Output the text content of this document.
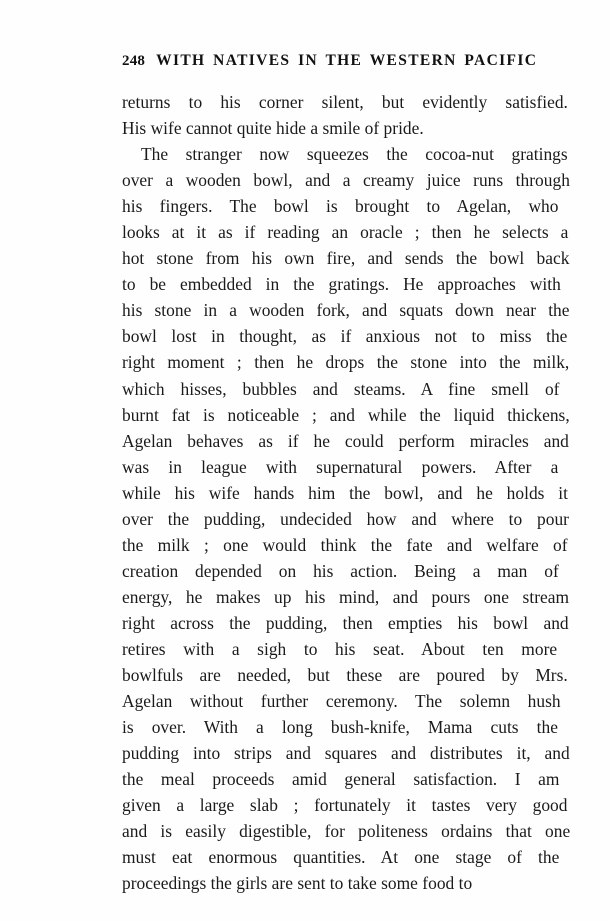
248 WITH NATIVES IN THE WESTERN PACIFIC

returns to his corner silent, but evidently satisfied.
His wife cannot quite hide a smile of pride.

The stranger now squeezes the cocoa-nut gratings
over a wooden bowl, and a creamy juice runs through
his fingers. The bowl is brought to Agelan, who
looks at it as if reading an oracle ; then he selects a
hot stone from his own fire, and sends the bowl back
to be embedded in the gratings. He approaches with
his stone in a wooden fork, and squats down near the
bowl lost in thought, as if anxious not to miss the
right moment ; then he drops the stone into the milk,
which hisses, bubbles and steams. A fine smell of
burnt fat is noticeable ; and while the liquid thickens,
Agelan behaves as if he could perform miracles and
was in league with supernatural powers. After a
while his wife hands him the bowl, and he holds it
over the pudding, undecided how and where to pour
the milk ; one would think the fate and welfare of
creation depended on his action. Being a man of
energy, he makes up his mind, and pours one stream
right across the pudding, then empties his bowl and
retires with a sigh to his seat. About ten more
bowlfuls are needed, but these are poured by Mrs.
Agelan without further ceremony. The solemn hush
is over. With a long bush-knife, Mama cuts the
pudding into strips and squares and distributes it, and
the meal proceeds amid general satisfaction. I am
given a large slab ; fortunately it tastes very good
and is easily digestible, for politeness ordains that one
must eat enormous quantities. At one stage of the
proceedings the girls are sent to take some food to
